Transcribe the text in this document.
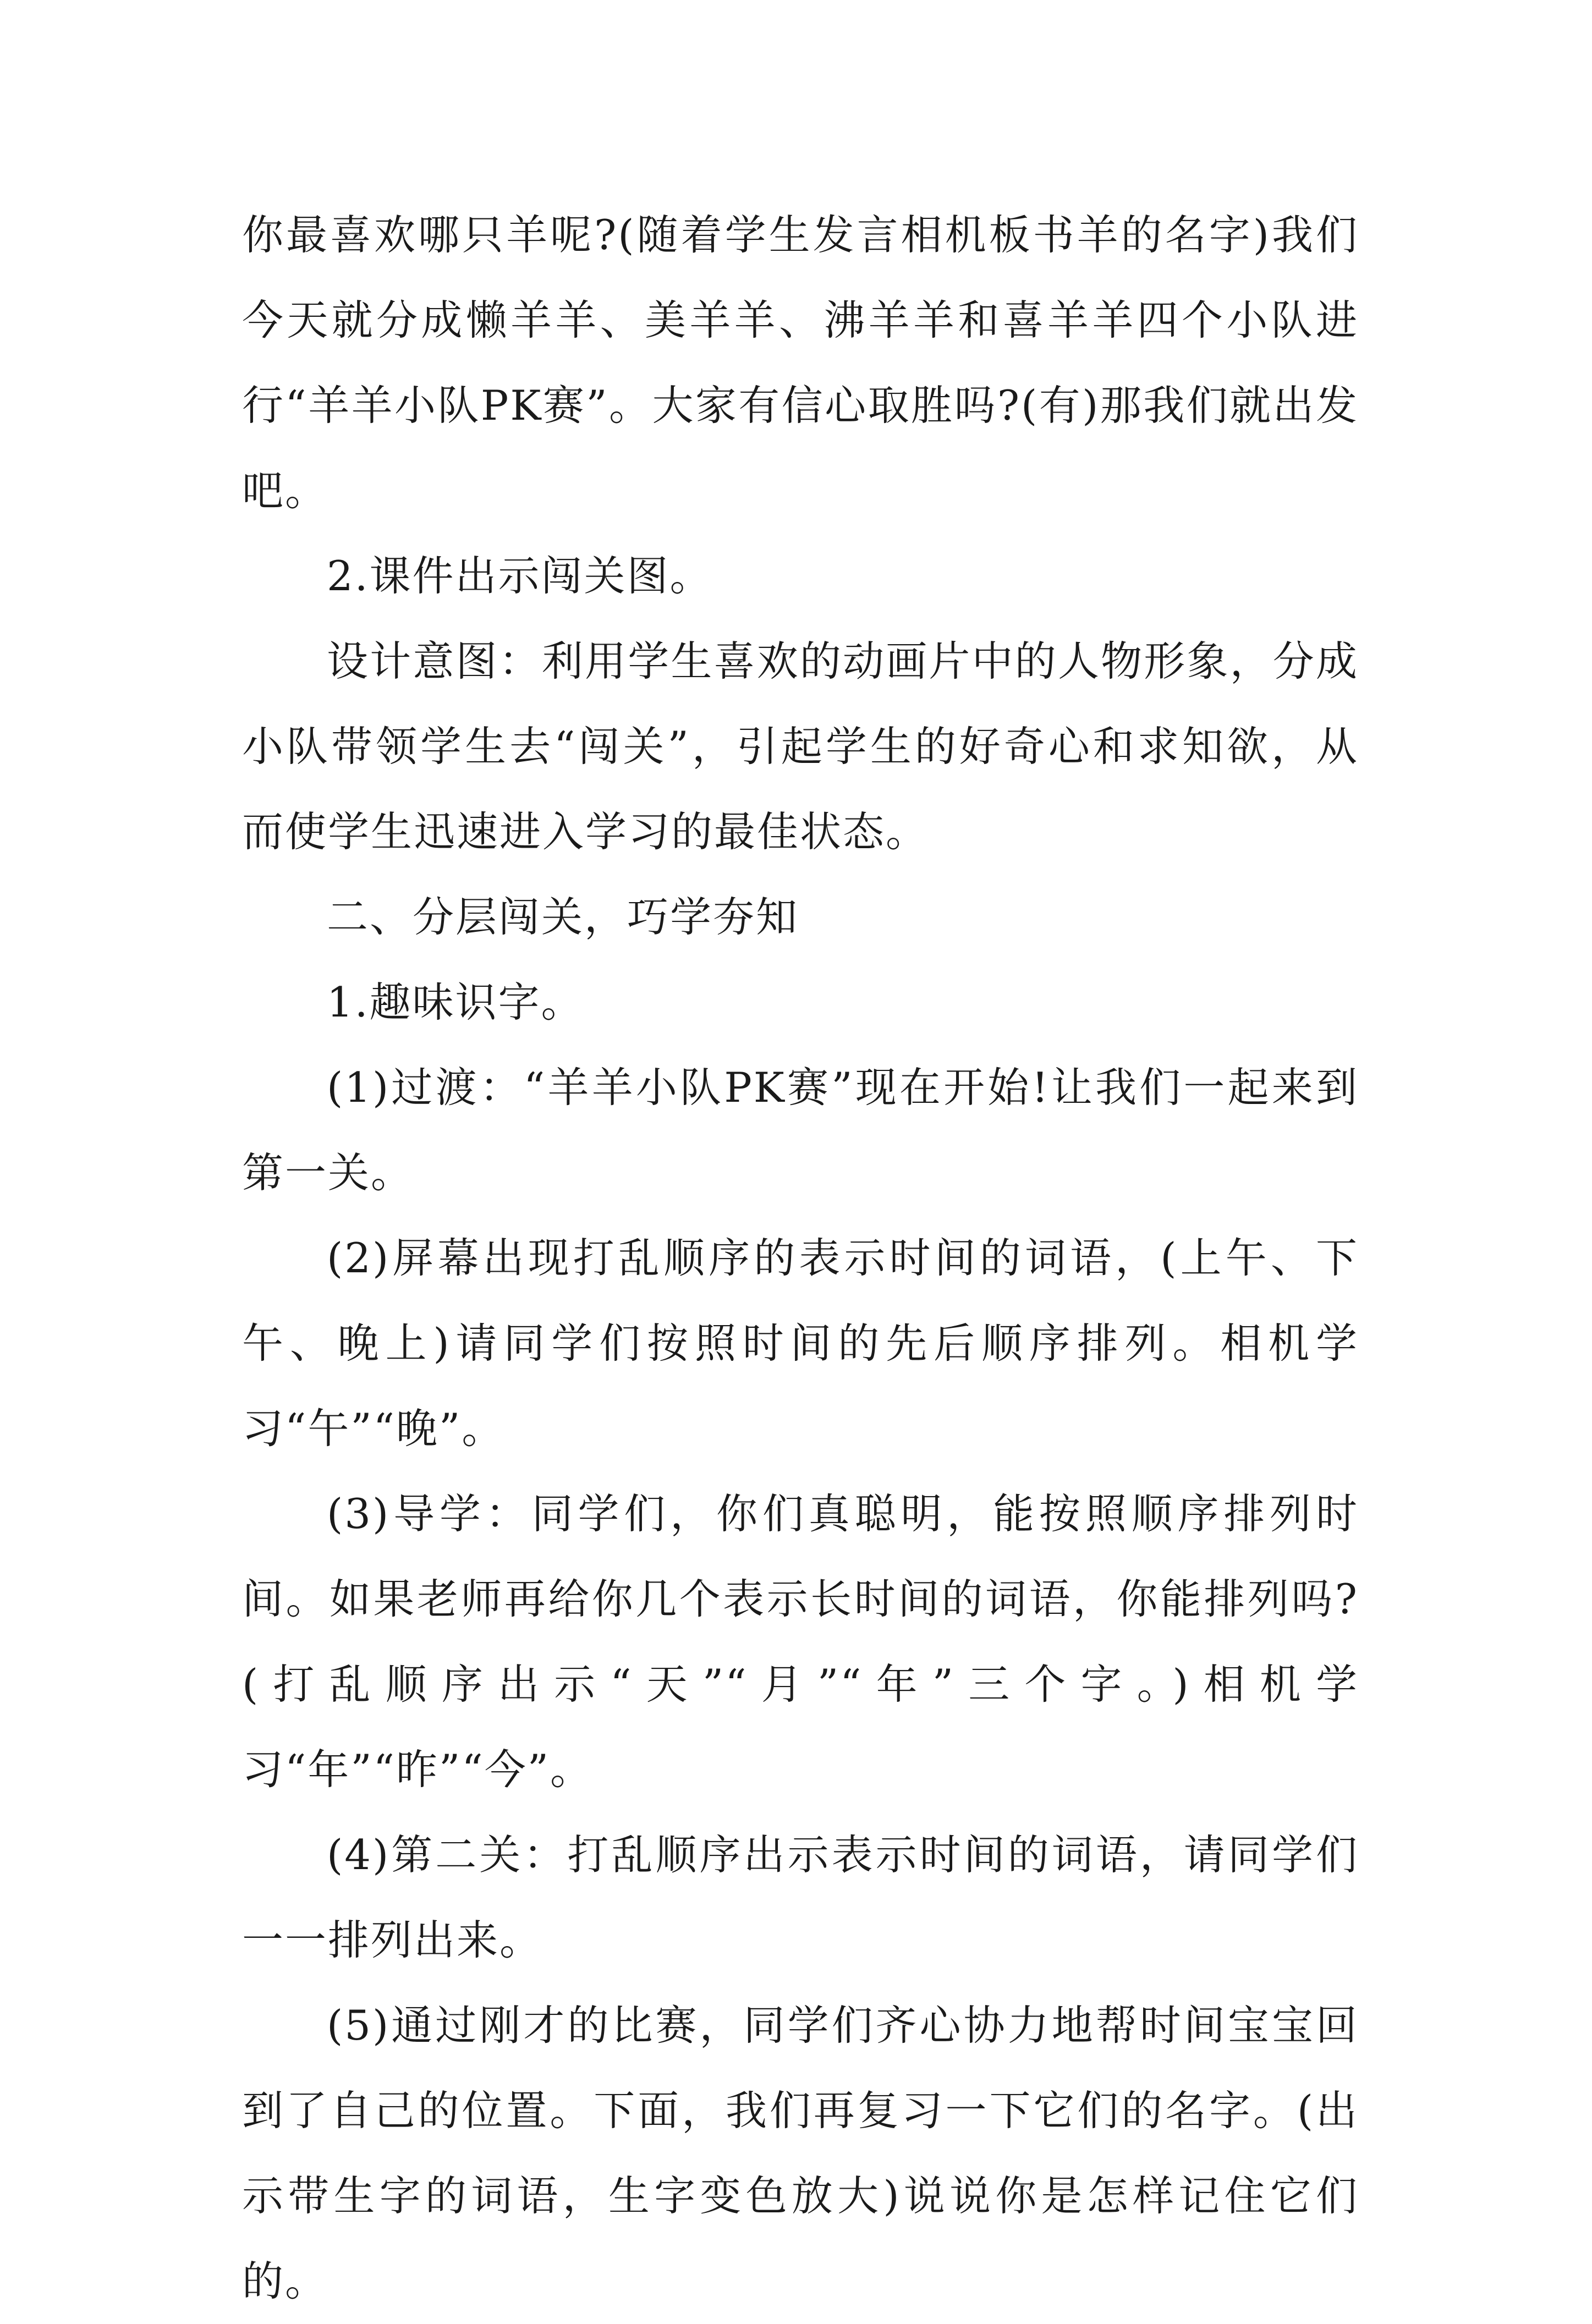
你最喜欢哪只羊呢?(随着学生发言相机板书羊的名字)我们今天就分成懒羊羊、美羊羊、沸羊羊和喜羊羊四个小队进行“羊羊小队PK赛”。大家有信心取胜吗?(有)那我们就出发吧。

2.课件出示闯关图。

设计意图：利用学生喜欢的动画片中的人物形象，分成小队带领学生去“闯关”，引起学生的好奇心和求知欲，从而使学生迅速进入学习的最佳状态。

二、分层闯关，巧学夯知

1.趣味识字。

(1)过渡：“羊羊小队PK赛”现在开始!让我们一起来到第一关。

(2)屏幕出现打乱顺序的表示时间的词语，(上午、下午、晚上)请同学们按照时间的先后顺序排列。相机学习“午”“晚”。

(3)导学：同学们，你们真聪明，能按照顺序排列时间。如果老师再给你几个表示长时间的词语，你能排列吗?(打乱顺序出示“天”“月”“年”三个字。)相机学习“年”“昨”“今”。

(4)第二关：打乱顺序出示表示时间的词语，请同学们一一排列出来。

(5)通过刚才的比赛，同学们齐心协力地帮时间宝宝回到了自己的位置。下面，我们再复习一下它们的名字。(出示带生字的词语，生字变色放大)说说你是怎样记住它们的。
